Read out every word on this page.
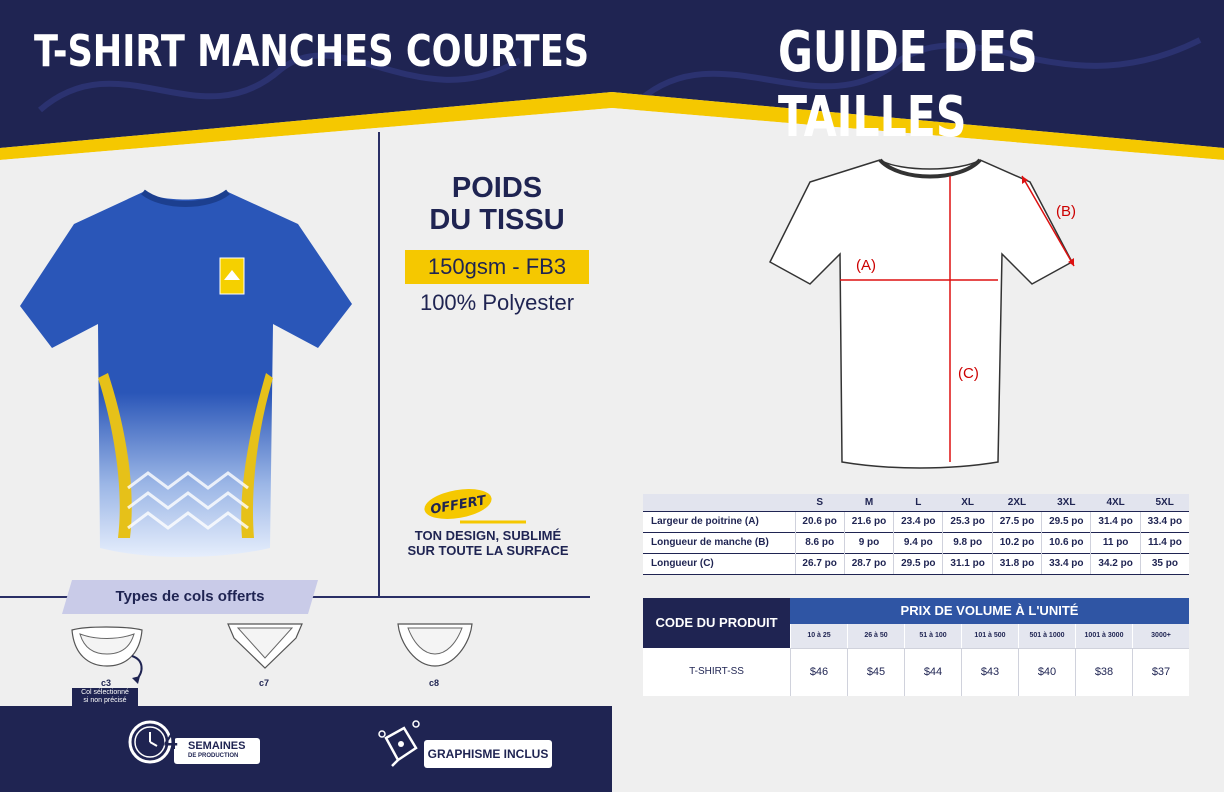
T-SHIRT MANCHES COURTES	GUIDE DES TAILLES
POIDS
DU TISSU
150gsm - FB3
100% Polyester
OFFERT
TON DESIGN, SUBLIMÉ
SUR TOUTE LA SURFACE
Types de cols offerts
c3
Col sélectionné
si non précisé
c7	c8
4 SEMAINES
DE PRODUCTION	GRAPHISME INCLUS
(A)
(B)
(C)
	S	M	L	XL	2XL	3XL	4XL	5XL
Largeur de poitrine (A)	20.6 po	21.6 po	23.4 po	25.3 po	27.5 po	29.5 po	31.4 po	33.4 po
Longueur de manche (B)	8.6 po	9 po	9.4 po	9.8 po	10.2 po	10.6 po	11 po	11.4 po
Longueur (C)	26.7 po	28.7 po	29.5 po	31.1 po	31.8 po	33.4 po	34.2 po	35 po
CODE DU PRODUIT
PRIX DE VOLUME À L'UNITÉ
10 à 25	26 à 50	51 à 100	101 à 500	501 à 1000	1001 à 3000	3000+
T-SHIRT-SS	$46	$45	$44	$43	$40	$38	$37
